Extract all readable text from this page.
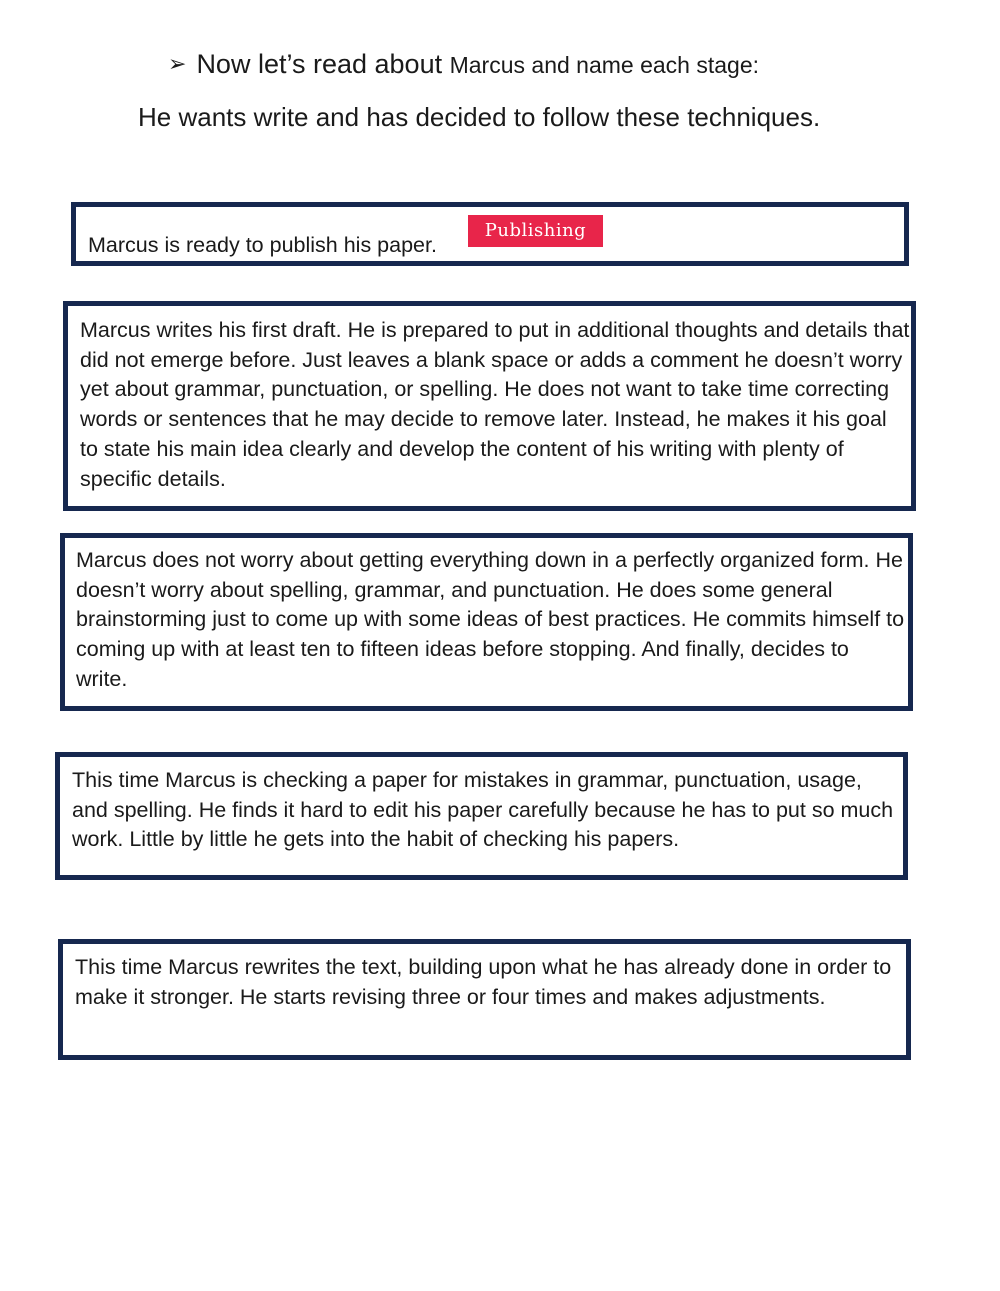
➢ Now let’s read about Marcus and name each stage:
He wants write and has decided to follow these techniques.

Marcus is ready to publish his paper.

Publishing

Marcus writes his first draft. He is prepared to put in additional thoughts and details that did not emerge before. Just leaves a blank space or adds a comment he doesn’t worry yet about grammar, punctuation, or spelling. He does not want to take time correcting words or sentences that he may decide to remove later. Instead, he makes it his goal to state his main idea clearly and develop the content of his writing with plenty of specific details.

Marcus does not worry about getting everything down in a perfectly organized form. He doesn’t worry about spelling, grammar, and punctuation. He does some general brainstorming just to come up with some ideas of best practices. He commits himself to coming up with at least ten to fifteen ideas before stopping. And finally, decides to write.

This time Marcus is checking a paper for mistakes in grammar, punctuation, usage, and spelling. He finds it hard to edit his paper carefully because he has to put so much work. Little by little he gets into the habit of checking his papers.

This time Marcus rewrites the text, building upon what he has already done in order to make it stronger. He starts revising three or four times and makes adjustments.
